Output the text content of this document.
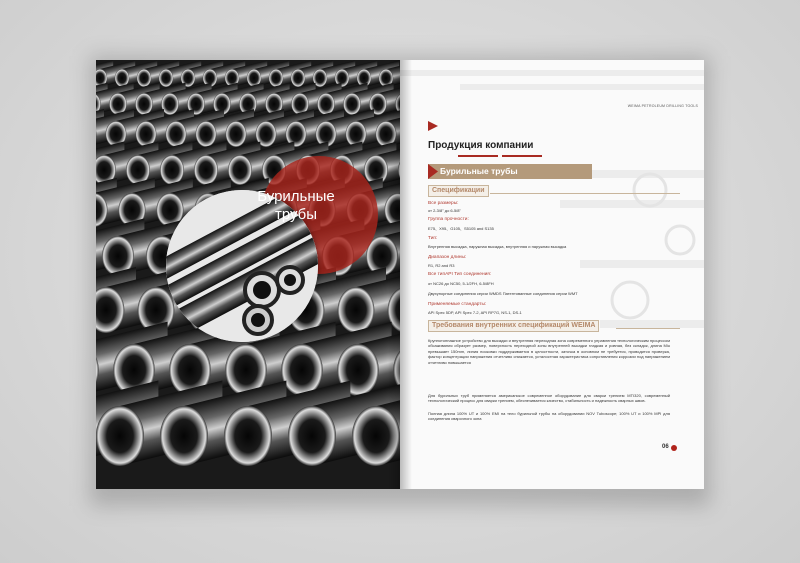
Бурильные трубы
WEIMA PETROLEUM DRILLING TOOLS
Продукция компании
Бурильные трубы
Спецификации
Все размеры:
от 2-3/8" до 6-5/8"
Группа прочности:
E75、X95、G105、S5105 and S135
Тип:
Внутренняя высадка, наружная высадка, внутренняя и наружная высадка
Диапазон длины:
R1, R2 and R3
Все типAPI Тип соединения:
от NC26 до NC50, 5-1/2FH, 6-5/8FH
Двухупорные соединения серии WMDS Патентованные соединения серии WMT
Применяемые стандарты:
API Spec 5DP, API Spec 7-2, API RP7G, NS-1, DS-1
Требования внутренних спецификаций WEIMA
Крупнотоннажное устройство для высадки и внутренняя переходная зона современного управления технологическим процессом обсаживания образует размер, поверхность переходной зоны внутренней высадки гладкая и ровная, без складок, длина Miu превышает 150mm, линия посковки поддерживается в целостности, заточка в основном не требуется, проводится проверка, фактор концентрации напряжения отчетливо снижается, усталостная характеристика сопротивления коррозии под напряжением отчетливо повышается
Для бурильных труб применяется американское современное оборудование для сварки трением MTI320, современный технологический процесс для сварки трением, обеспечивается качество, стабильность и надежность сварных швов.
Полная длина 100% UT и 100% EMI на тело бурильной трубы на оборудовании NOV Tuboscope; 100% UT и 100% MPI для соединения сварочного зона
06
